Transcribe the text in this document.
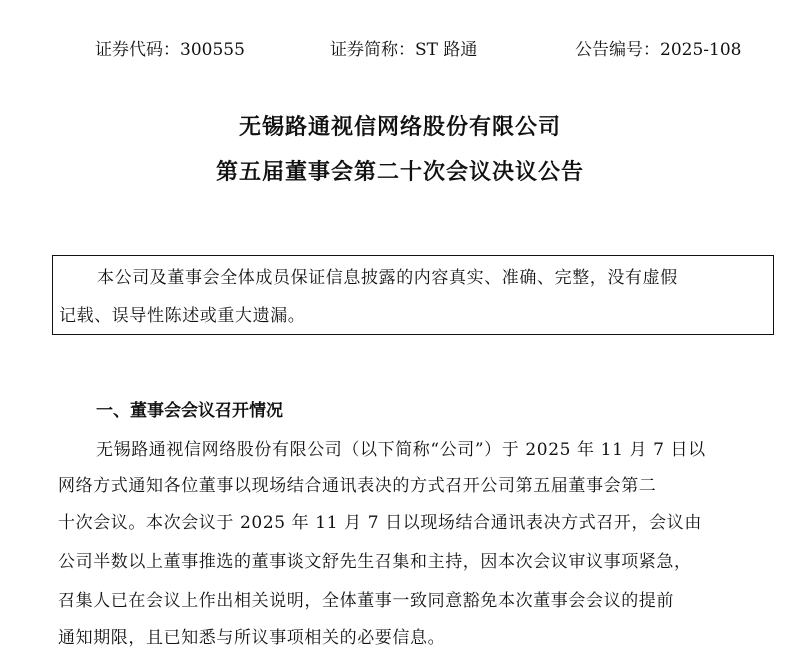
证券代码：300555	证券简称：ST 路通	公告编号：2025-108
无锡路通视信网络股份有限公司
第五届董事会第二十次会议决议公告
本公司及董事会全体成员保证信息披露的内容真实、准确、完整，没有虚假
记载、误导性陈述或重大遗漏。
一、董事会会议召开情况
无锡路通视信网络股份有限公司（以下简称“公司”）于 2025 年 11 月 7 日以
网络方式通知各位董事以现场结合通讯表决的方式召开公司第五届董事会第二
十次会议。本次会议于 2025 年 11 月 7 日以现场结合通讯表决方式召开，会议由
公司半数以上董事推选的董事谈文舒先生召集和主持，因本次会议审议事项紧急，
召集人已在会议上作出相关说明，全体董事一致同意豁免本次董事会会议的提前
通知期限，且已知悉与所议事项相关的必要信息。
